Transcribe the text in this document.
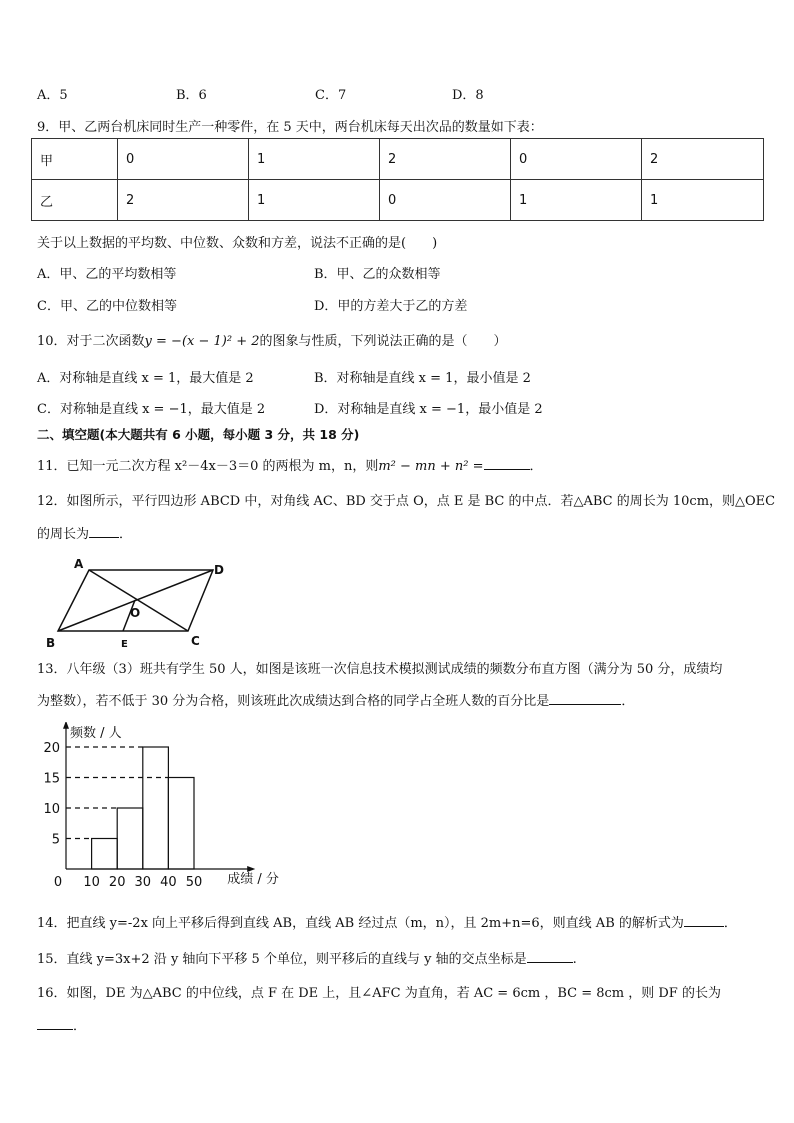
A．5	B．6	C．7	D．8
9．甲、乙两台机床同时生产一种零件，在 5 天中，两台机床每天出次品的数量如下表：
甲	0	1	2	0	2
乙	2	1	0	1	1
关于以上数据的平均数、中位数、众数和方差，说法不正确的是(　　)
A．甲、乙的平均数相等	B．甲、乙的众数相等
C．甲、乙的中位数相等	D．甲的方差大于乙的方差
10．对于二次函数y = −(x − 1)² + 2的图象与性质，下列说法正确的是（　　）
A．对称轴是直线 x = 1，最大值是 2	B．对称轴是直线 x = 1，最小值是 2
C．对称轴是直线 x = −1，最大值是 2	D．对称轴是直线 x = −1，最小值是 2
二、填空题(本大题共有 6 小题，每小题 3 分，共 18 分)
11．已知一元二次方程 x²－4x－3＝0 的两根为 m，n，则m² − mn + n² =	．
12．如图所示，平行四边形 ABCD 中，对角线 AC、BD 交于点 O，点 E 是 BC 的中点．若△ABC 的周长为 10cm，则△OEC
的周长为 ．
A	D
O
B	E	C
13．八年级（3）班共有学生 50 人，如图是该班一次信息技术模拟测试成绩的频数分布直方图（满分为 50 分，成绩均
为整数），若不低于 30 分为合格，则该班此次成绩达到合格的同学占全班人数的百分比是	．
5
10
15
20
0 10 20 30 40 50
频数 / 人
成绩 / 分
14．把直线 y=-2x 向上平移后得到直线 AB，直线 AB 经过点（m，n），且 2m+n=6，则直线 AB 的解析式为	．
15．直线 y=3x+2 沿 y 轴向下平移 5 个单位，则平移后的直线与 y 轴的交点坐标是	.
16．如图，DE 为△ABC 的中位线，点 F 在 DE 上，且∠AFC 为直角，若 AC = 6cm ，BC = 8cm ，则 DF 的长为
．
